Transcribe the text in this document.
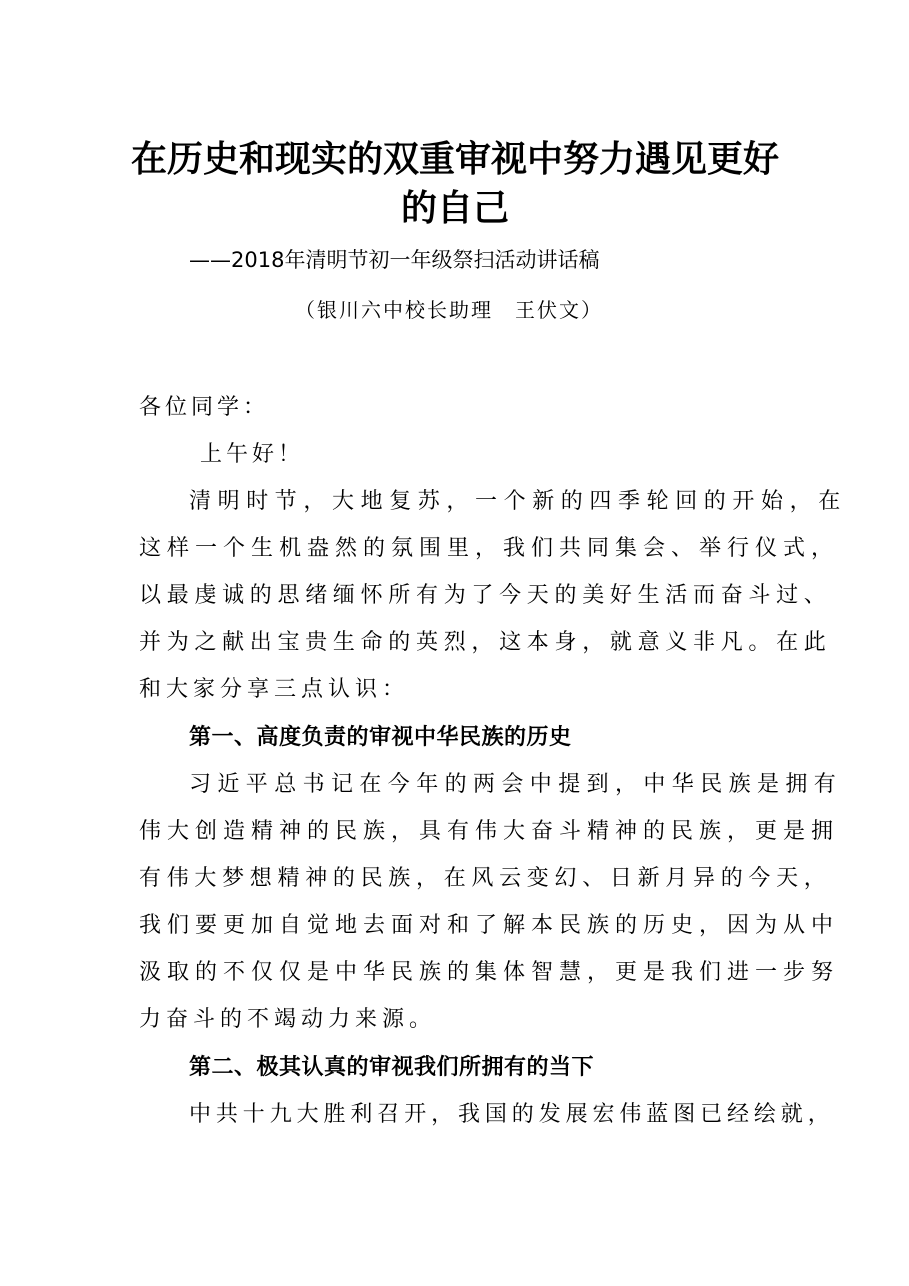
在历史和现实的双重审视中努力遇见更好
的自己
——2018年清明节初一年级祭扫活动讲话稿
（银川六中校长助理　王伏文）
各位同学：
上午好！
清明时节，大地复苏，一个新的四季轮回的开始，在
这样一个生机盎然的氛围里，我们共同集会、举行仪式，
以最虔诚的思绪缅怀所有为了今天的美好生活而奋斗过、
并为之献出宝贵生命的英烈，这本身，就意义非凡。在此
和大家分享三点认识：
第一、高度负责的审视中华民族的历史
习近平总书记在今年的两会中提到，中华民族是拥有
伟大创造精神的民族，具有伟大奋斗精神的民族，更是拥
有伟大梦想精神的民族，在风云变幻、日新月异的今天，
我们要更加自觉地去面对和了解本民族的历史，因为从中
汲取的不仅仅是中华民族的集体智慧，更是我们进一步努
力奋斗的不竭动力来源。
第二、极其认真的审视我们所拥有的当下
中共十九大胜利召开，我国的发展宏伟蓝图已经绘就，
